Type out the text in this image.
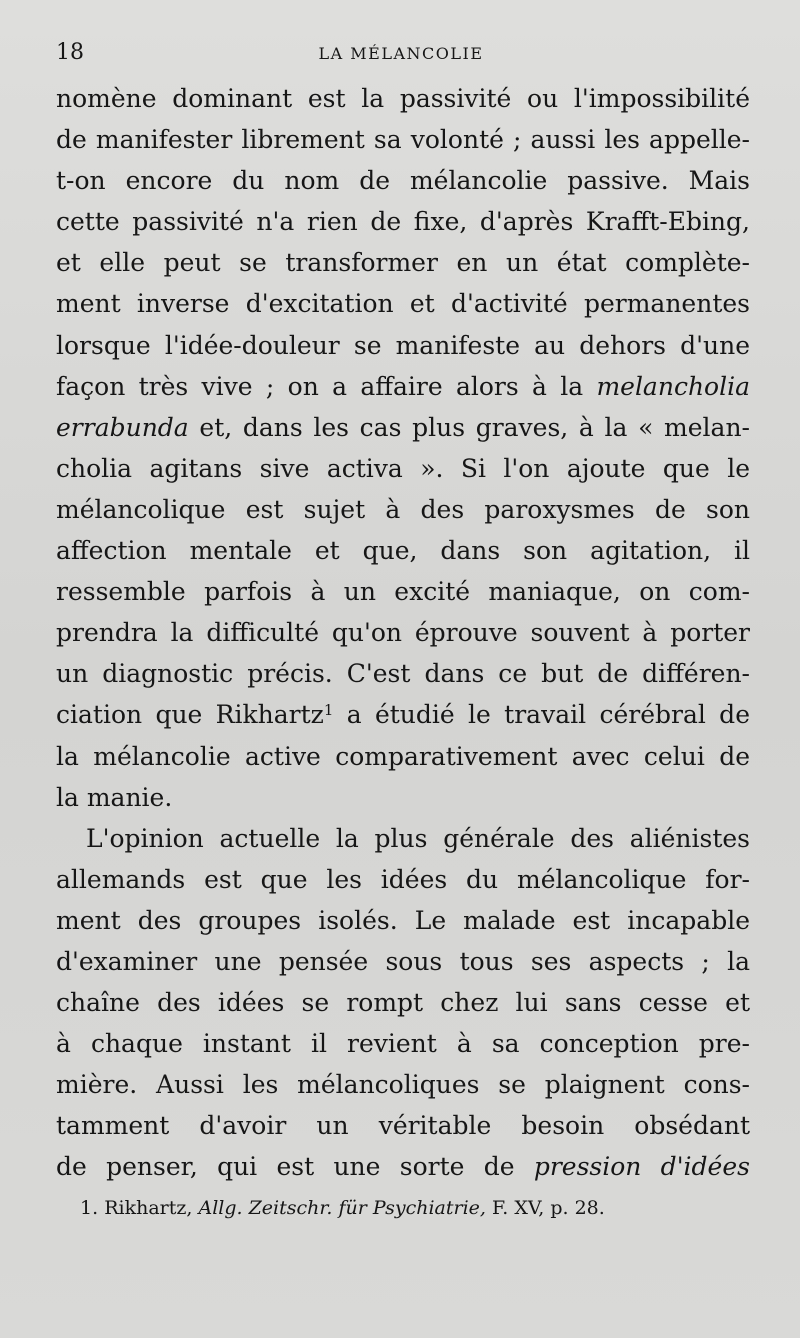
18	LA MÉLANCOLIE
nomène dominant est la passivité ou l'impossibilité
de manifester librement sa volonté ; aussi les appelle-
t-on encore du nom de mélancolie passive. Mais
cette passivité n'a rien de fixe, d'après Krafft-Ebing,
et elle peut se transformer en un état complète-
ment inverse d'excitation et d'activité permanentes
lorsque l'idée-douleur se manifeste au dehors d'une
façon très vive ; on a affaire alors à la melancholia
errabunda et, dans les cas plus graves, à la « melan-
cholia agitans sive activa ». Si l'on ajoute que le
mélancolique est sujet à des paroxysmes de son
affection mentale et que, dans son agitation, il
ressemble parfois à un excité maniaque, on com-
prendra la difficulté qu'on éprouve souvent à porter
un diagnostic précis. C'est dans ce but de différen-
ciation que Rikhartz$^1$ a étudié le travail cérébral de
la mélancolie active comparativement avec celui de
la manie.
L'opinion actuelle la plus générale des aliénistes
allemands est que les idées du mélancolique for-
ment des groupes isolés. Le malade est incapable
d'examiner une pensée sous tous ses aspects ; la
chaîne des idées se rompt chez lui sans cesse et
à chaque instant il revient à sa conception pre-
mière. Aussi les mélancoliques se plaignent cons-
tamment d'avoir un véritable besoin obsédant
de penser, qui est une sorte de pression d'idées
1. Rikhartz, Allg. Zeitschr. für Psychiatrie, F. XV, p. 28.
